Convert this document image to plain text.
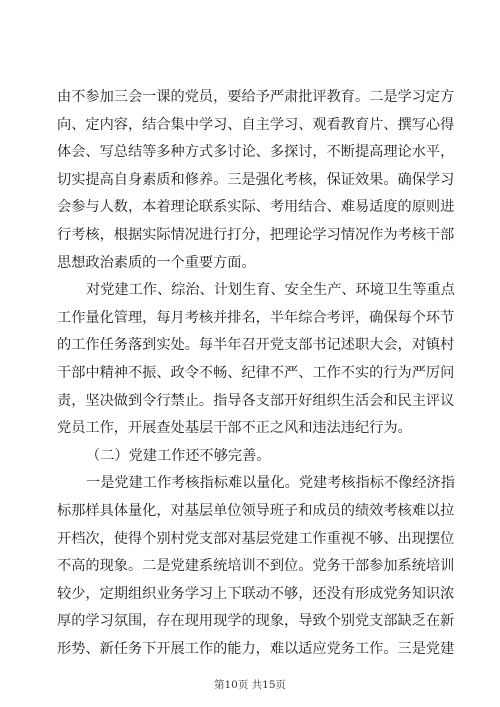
由不参加三会一课的党员，要给予严肃批评教育。二是学习定方
向、定内容，结合集中学习、自主学习、观看教育片、撰写心得
体会、写总结等多种方式多讨论、多探讨，不断提高理论水平，
切实提高自身素质和修养。三是强化考核，保证效果。确保学习
会参与人数，本着理论联系实际、考用结合、难易适度的原则进
行考核，根据实际情况进行打分，把理论学习情况作为考核干部
思想政治素质的一个重要方面。
对党建工作、综治、计划生育、安全生产、环境卫生等重点
工作量化管理，每月考核并排名，半年综合考评，确保每个环节
的工作任务落到实处。每半年召开党支部书记述职大会，对镇村
干部中精神不振、政令不畅、纪律不严、工作不实的行为严厉问
责，坚决做到令行禁止。指导各支部开好组织生活会和民主评议
党员工作，开展查处基层干部不正之风和违法违纪行为。
（二）党建工作还不够完善。
一是党建工作考核指标难以量化。党建考核指标不像经济指
标那样具体量化，对基层单位领导班子和成员的绩效考核难以拉
开档次，使得个别村党支部对基层党建工作重视不够、出现摆位
不高的现象。二是党建系统培训不到位。党务干部参加系统培训
较少，定期组织业务学习上下联动不够，还没有形成党务知识浓
厚的学习氛围，存在现用现学的现象，导致个别党支部缺乏在新
形势、新任务下开展工作的能力，难以适应党务工作。三是党建
第10页 共15页
